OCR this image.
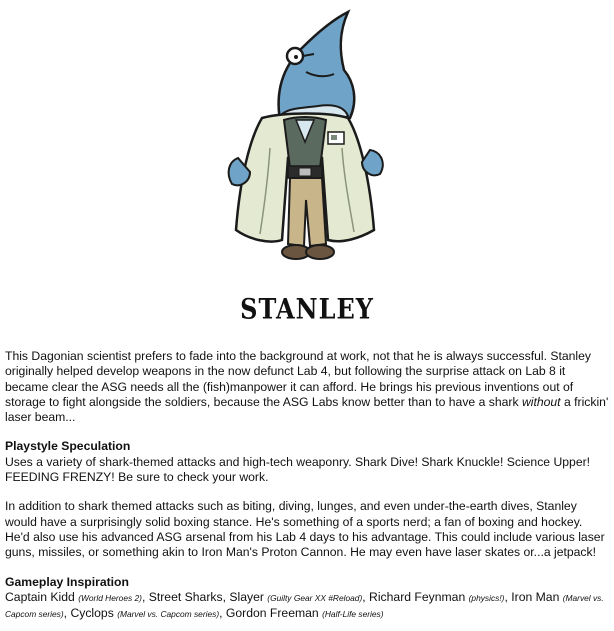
STANLEY

This Dagonian scientist prefers to fade into the background at work, not that he is always successful. Stanley originally helped develop weapons in the now defunct Lab 4, but following the surprise attack on Lab 8 it became clear the ASG needs all the (fish)manpower it can afford. He brings his previous inventions out of storage to fight alongside the soldiers, because the ASG Labs know better than to have a shark without a frickin' laser beam...

Playstyle Speculation

Uses a variety of shark-themed attacks and high-tech weaponry. Shark Dive! Shark Knuckle! Science Upper! FEEDING FRENZY! Be sure to check your work.

In addition to shark themed attacks such as biting, diving, lunges, and even under-the-earth dives, Stanley would have a surprisingly solid boxing stance. He's something of a sports nerd; a fan of boxing and hockey. He'd also use his advanced ASG arsenal from his Lab 4 days to his advantage. This could include various laser guns, missiles, or something akin to Iron Man's Proton Cannon. He may even have laser skates or...a jetpack!

Gameplay Inspiration

Captain Kidd (World Heroes 2), Street Sharks, Slayer (Guilty Gear XX #Reload), Richard Feynman (physics!), Iron Man (Marvel vs. Capcom series), Cyclops (Marvel vs. Capcom series), Gordon Freeman (Half-Life series)
